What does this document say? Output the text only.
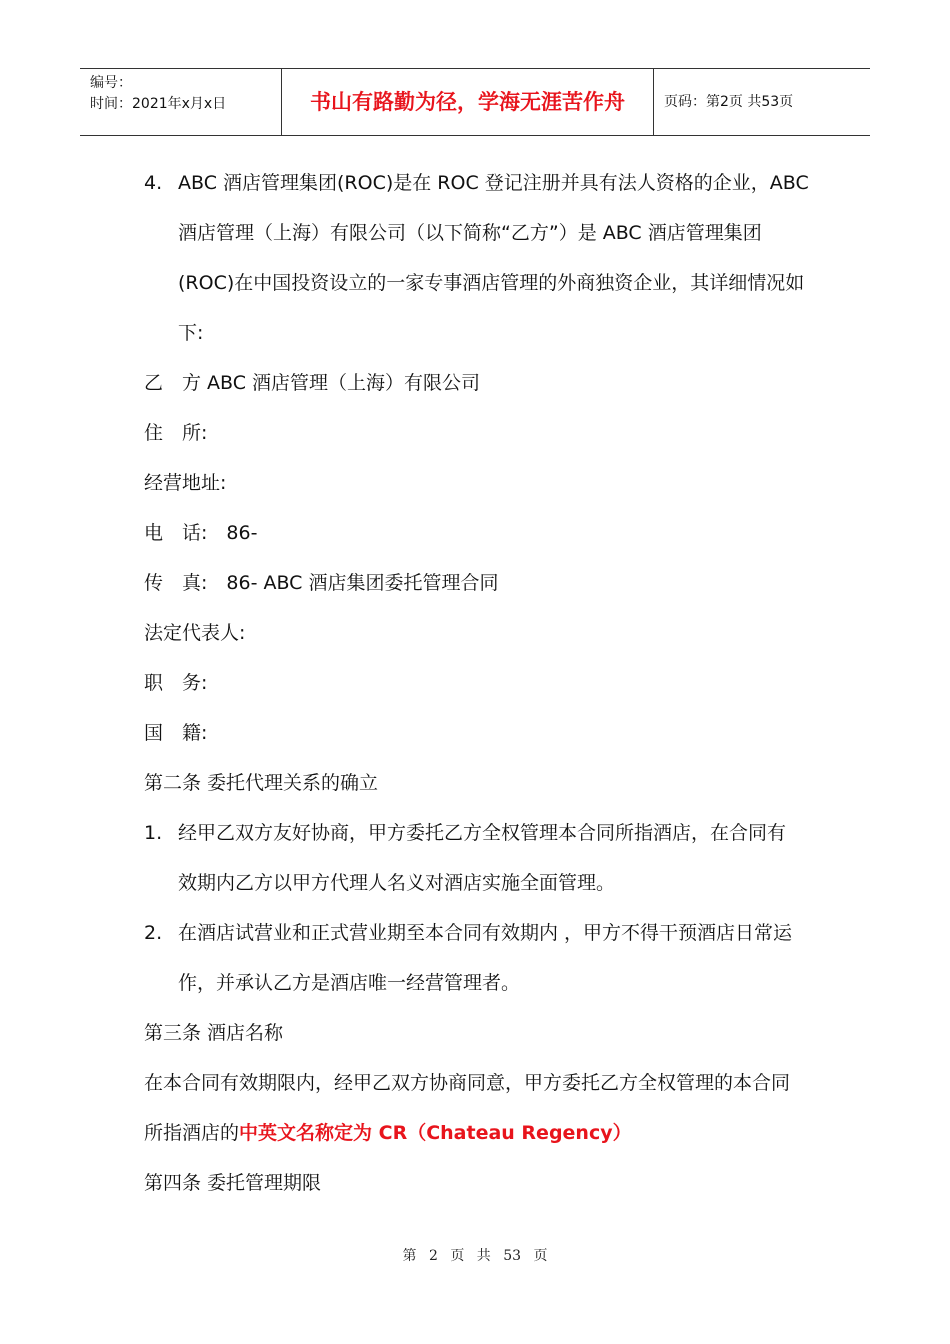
编号：
时间：2021年x月x日	书山有路勤为径，学海无涯苦作舟	页码：第2页 共53页
4. ABC 酒店管理集团(ROC)是在 ROC 登记注册并具有法人资格的企业，ABC
酒店管理（上海）有限公司（以下简称“乙方”）是 ABC 酒店管理集团
(ROC)在中国投资设立的一家专事酒店管理的外商独资企业，其详细情况如
下:
乙　方 ABC 酒店管理（上海）有限公司
住　所:
经营地址:
电　话:　86-
传　真:　86- ABC 酒店集团委托管理合同
法定代表人:
职　务:
国　籍:
第二条 委托代理关系的确立
1. 经甲乙双方友好协商，甲方委托乙方全权管理本合同所指酒店，在合同有
效期内乙方以甲方代理人名义对酒店实施全面管理。
2. 在酒店试营业和正式营业期至本合同有效期内 ，甲方不得干预酒店日常运
作，并承认乙方是酒店唯一经营管理者。
第三条 酒店名称
在本合同有效期限内，经甲乙双方协商同意，甲方委托乙方全权管理的本合同
所指酒店的中英文名称定为 CR（Chateau Regency）
第四条 委托管理期限
第 2 页 共 53 页
